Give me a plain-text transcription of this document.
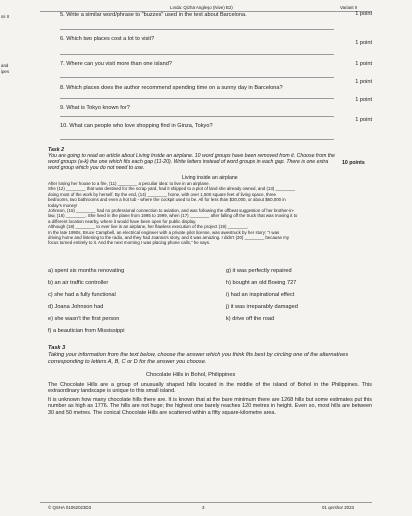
Lında: Qizhä Angleşo (Nive) B2)	Variant II
ss II
and
ipes
5. Write a similar word/phrase to "buzzes" used in the text about Barcelona.	1 point
6. Which two places cost a lot to visit?
1 point
7. Where can you visit more than one island?	1 point
8. Which places does the author recommend spending time on a sunny day in Barcelona?
1 point
9. What is Tokyo known for?
1 point
10. What can people who love shopping find in Ginza, Tokyo?
1 point
Task 2
You are going to read an article about Living Inside an airplane. 10 word groups have been removed from it. Choose from the word groups (a-k) the one which fits each gap (11-20). Write letters instead of word groups in each gap. There is one extra word group which you do not need to use.
10 points
Living inside an airplane
After losing her house to a fire, (11) ________ a peculiar idea: to live in an airplane.
She (12) ________ that was destined for the scrap yard, had it shipped to a plot of land she already owned, and (13) ________
doing most of the work by herself. By the end, (14) ________ home, with over 1,500 square feet of living space, three
bedrooms, two bathrooms and even a hot tub - where the cockpit used to be. All for less than $30,000, or about $60,000 in
today's money!
Johnson, (15) ________ had no professional connection to aviation, and was following the offbeat suggestion of her brother-in-
law, (16) ________. She lived in the plane from 1995 to 1999, when (17) ________ after falling off the truck that was moving it to
a different location nearby, where it would have been open for public display.
Although (18) ________ to ever live in an airplane, her flawless execution of the project (19) ________.
In the late 1990s, Bruce Campbell, an electrical engineer with a private pilot license, was awestruck by her story: "I was
driving home and listening to the radio, and they had Joanna's story, and it was amazing. I didn't (20) ________ because my
focus turned entirely to it. And the next morning I was placing phone calls," he says.
a) spent six months renovating
b) an air traffic controller
c) she had a fully functional
d) Joana Johnson had
e) she wasn't the first person
f) a beautician from Mississippi
g) it was perfectly repaired
h) bought an old Boeing 727
i) had an inspirational effect
j) it was irreparably damaged
k) drive off the road
Task 3
Taking your information from the text below, choose the answer which you think fits best by circling one of the alternatives corresponding to letters A, B, C or D for the answer you choose.
Chocolate Hills in Bohol, Philippines
The Chocolate Hills are a group of unusually shaped hills located in the middle of the island of Bohol in the Philippines. This extraordinary landscape is unique to this small island.
It is unknown how many chocolate hills there are. It is known that at the bare minimum there are 1268 hills but some estimates put this number as high as 1776. The hills are not huge; the highest one barely reaches 120 metres in height. Even so, most hills are between 30 and 50 metres. The conical Chocolate Hills are scattered within a fifty square-kilometre area.
© QSHA 01062023D3	3	01 qershor 2023
